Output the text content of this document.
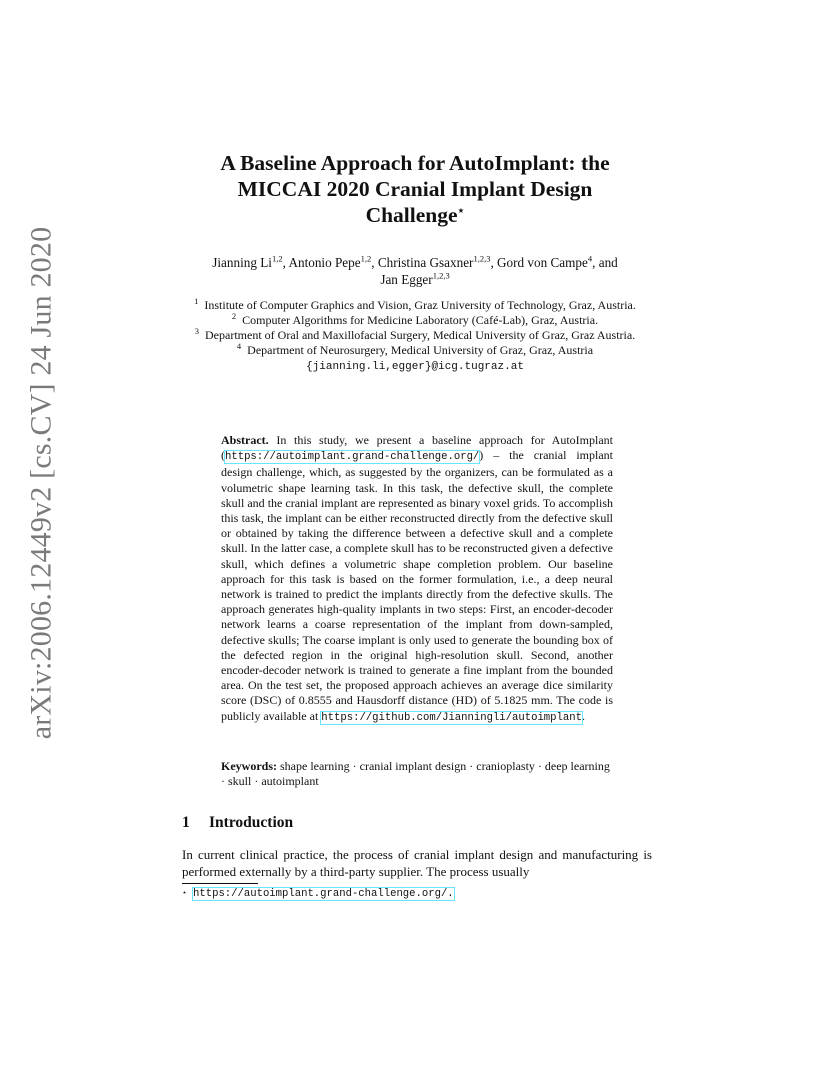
arXiv:2006.12449v2 [cs.CV] 24 Jun 2020
A Baseline Approach for AutoImplant: the
MICCAI 2020 Cranial Implant Design
Challenge⋆
Jianning Li$^{1,2}$, Antonio Pepe$^{1,2}$, Christina Gsaxner$^{1,2,3}$, Gord von Campe$^4$, and
Jan Egger$^{1,2,3}$

$^1$ Institute of Computer Graphics and Vision, Graz University of Technology, Graz, Austria.

$^2$ Computer Algorithms for Medicine Laboratory (Café-Lab), Graz, Austria.

$^3$ Department of Oral and Maxillofacial Surgery, Medical University of Graz, Graz Austria.

$^4$ Department of Neurosurgery, Medical University of Graz, Graz, Austria

{jianning.li,egger}@icg.tugraz.at

Abstract. In this study, we present a baseline approach for AutoImplant (https://autoimplant.grand-challenge.org/) – the cranial implant design challenge, which, as suggested by the organizers, can be formulated as a volumetric shape learning task. In this task, the defective skull, the complete skull and the cranial implant are represented as binary voxel grids. To accomplish this task, the implant can be either reconstructed directly from the defective skull or obtained by taking the difference between a defective skull and a complete skull. In the latter case, a complete skull has to be reconstructed given a defective skull, which defines a volumetric shape completion problem. Our baseline approach for this task is based on the former formulation, i.e., a deep neural network is trained to predict the implants directly from the defective skulls. The approach generates high-quality implants in two steps: First, an encoder-decoder network learns a coarse representation of the implant from down-sampled, defective skulls; The coarse implant is only used to generate the bounding box of the defected region in the original high-resolution skull. Second, another encoder-decoder network is trained to generate a fine implant from the bounded area. On the test set, the proposed approach achieves an average dice similarity score (DSC) of 0.8555 and Hausdorff distance (HD) of 5.1825 mm. The code is publicly available at https://github.com/Jianningli/autoimplant.
Keywords: shape learning · cranial implant design · cranioplasty · deep learning · skull · autoimplant
1 Introduction
In current clinical practice, the process of cranial implant design and manufacturing is performed externally by a third-party supplier. The process usually
⋆ https://autoimplant.grand-challenge.org/.
